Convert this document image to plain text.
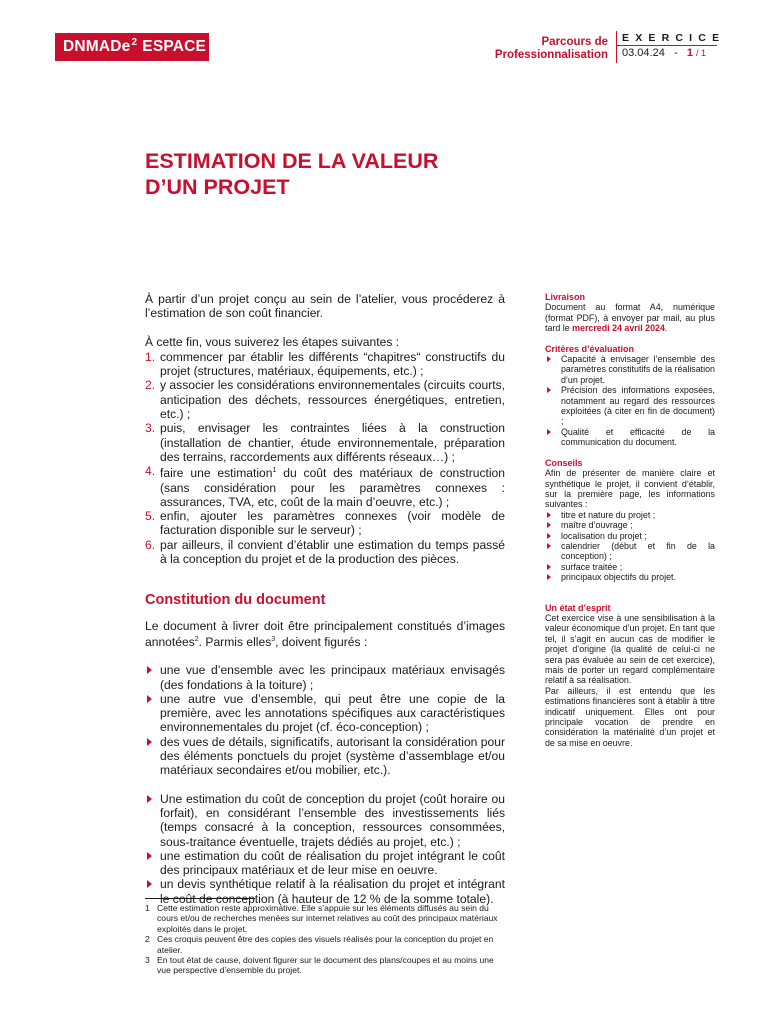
DNMADe$^2$ ESPACE	Parcours de
Professionnalisation
EXERCICE
03.04.24 - 1 / 1
ESTIMATION DE LA VALEUR
D’UN PROJET

À partir d’un projet conçu au sein de l’atelier, vous procéderez à l’estimation de son coût financier.

À cette fin, vous suiverez les étapes suivantes :

1. commencer par établir les différents “chapitres“ constructifs du projet (structures, matériaux, équipements, etc.) ;
2. y associer les considérations environnementales (circuits courts, anticipation des déchets, ressources énergétiques, entretien, etc.) ;
3. puis, envisager les contraintes liées à la construction (installation de chantier, étude environnementale, préparation des terrains, raccordements aux différents réseaux…) ;
4. faire une estimation$^1$ du coût des matériaux de construction (sans considération pour les paramètres connexes : assurances, TVA, etc, coût de la main d’oeuvre, etc.) ;
5. enfin, ajouter les paramètres connexes (voir modèle de facturation disponible sur le serveur) ;
6. par ailleurs, il convient d’établir une estimation du temps passé à la conception du projet et de la production des pièces.
Constitution du document

Le document à livrer doit être principalement constitués d’images annotées$^2$. Parmis elles$^3$, doivent figurés :

une vue d’ensemble avec les principaux matériaux envisagés (des fondations à la toiture) ;
une autre vue d’ensemble, qui peut être une copie de la première, avec les annotations spécifiques aux caractéristiques environnementales du projet (cf. éco-conception) ;
des vues de détails, significatifs, autorisant la considération pour des éléments ponctuels du projet (système d’assemblage et/ou matériaux secondaires et/ou mobilier, etc.).
Une estimation du coût de conception du projet (coût horaire ou forfait), en considérant l’ensemble des investissements liés (temps consacré à la conception, ressources consommées, sous-traitance éventuelle, trajets dédiés au projet, etc.) ;
une estimation du coût de réalisation du projet intégrant le coût des principaux matériaux et de leur mise en oeuvre.
un devis synthétique relatif à la réalisation du projet et intégrant le coût de conception (à hauteur de 12 % de la somme totale).
1 Cette estimation reste approximative. Elle s’appuie sur les éléments diffusés au sein du cours et/ou de recherches menées sur internet relatives au coût des principaux matériaux exploités dans le projet.
2 Ces croquis peuvent être des copies des visuels réalisés pour la conception du projet en atelier.
3 En tout état de cause, doivent figurer sur le document des plans/coupes et au moins une vue perspective d’ensemble du projet.
Livraison

Document au format A4, numérique (format PDF), à envoyer par mail, au plus tard le mercredi 24 avril 2024.

Critères d’évaluation
Capacité à envisager l’ensemble des paramètres constitutifs de la réalisation d’un projet.
Précision des informations exposées, notamment au regard des ressources exploitées (à citer en fin de document) ;
Qualité et efficacité de la communication du document.
Conseils

Afin de présenter de manière claire et synthétique le projet, il convient d’établir, sur la première page, les informations suivantes :

titre et nature du projet ;
maître d’ouvrage ;
localisation du projet ;
calendrier (début et fin de la conception) ;
surface traitée ;
principaux objectifs du projet.
Un état d’esprit

Cet exercice vise à une sensibilisation à la valeur économique d’un projet. En tant que tel, il s’agit en aucun cas de modifier le projet d’origine (la qualité de celui-ci ne sera pas évaluée au sein de cet exercice), mais de porter un regard complémentaire relatif à sa réalisation.

Par ailleurs, il est entendu que les estimations financières sont à établir à titre indicatif uniquement. Elles ont pour principale vocation de prendre en considération la matérialité d’un projet et de sa mise en oeuvre.
